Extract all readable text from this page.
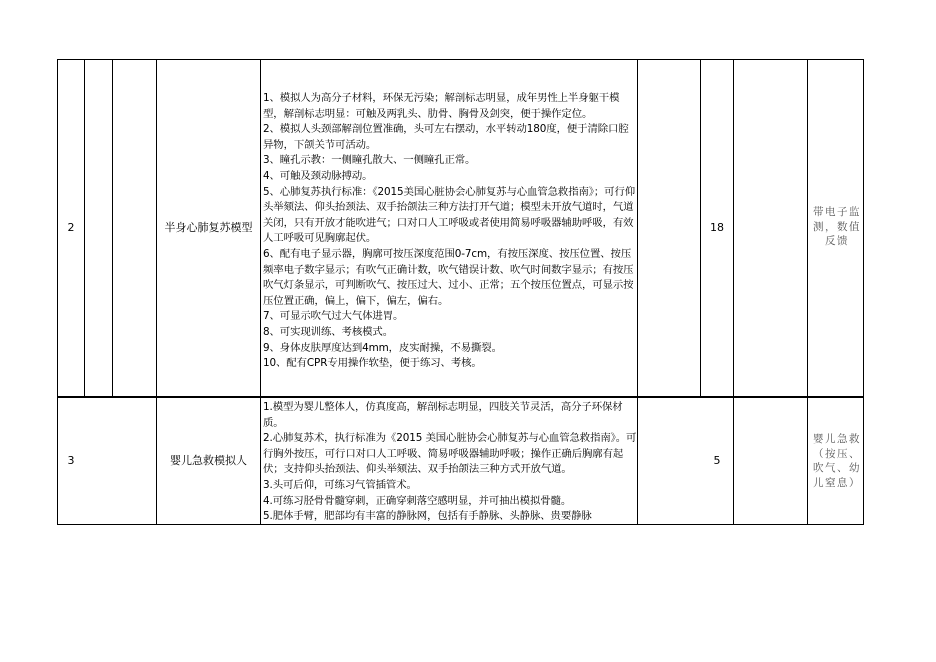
2	半身心肺复苏模型
1、模拟人为高分子材料，环保无污染；解剖标志明显，成年男性上半身躯干模型，解剖标志明显：可触及两乳头、肋骨、胸骨及剑突，便于操作定位。
2、模拟人头颈部解剖位置准确，头可左右摆动，水平转动180度，便于清除口腔异物，下颌关节可活动。
3、瞳孔示教：一侧瞳孔散大、一侧瞳孔正常。
4、可触及颈动脉搏动。
5、心肺复苏执行标准：《2015美国心脏协会心肺复苏与心血管急救指南》；可行仰头举颏法、仰头抬颈法、双手抬颌法三种方法打开气道；模型未开放气道时，气道关闭，只有开放才能吹进气；口对口人工呼吸或者使用简易呼吸器辅助呼吸，有效人工呼吸可见胸廓起伏。
6、配有电子显示器，胸廓可按压深度范围0-7cm，有按压深度、按压位置、按压频率电子数字显示；有吹气正确计数，吹气错误计数、吹气时间数字显示；有按压吹气灯条显示，可判断吹气、按压过大、过小、正常；五个按压位置点，可显示按压位置正确，偏上，偏下，偏左，偏右。
7、可显示吹气过大气体进胃。
8、可实现训练、考核模式。
9、身体皮肤厚度达到4mm，皮实耐操，不易撕裂。
10、配有CPR专用操作软垫，便于练习、考核。
18
带电子监测，数值反馈
3	婴儿急救模拟人
1.模型为婴儿整体人，仿真度高，解剖标志明显，四肢关节灵活，高分子环保材质。
2.心肺复苏术，执行标准为《2015 美国心脏协会心肺复苏与心血管急救指南》。可行胸外按压，可行口对口人工呼吸、简易呼吸器辅助呼吸；操作正确后胸廓有起伏；支持仰头抬颈法、仰头举颏法、双手抬颌法三种方式开放气道。
3.头可后仰，可练习气管插管术。
4.可练习胫骨骨髓穿刺，正确穿刺落空感明显，并可抽出模拟骨髓。
5.肥体手臂，肥部均有丰富的静脉网，包括有手静脉、头静脉、贵要静脉
5
婴儿急救（按压、吹气、幼儿窒息）
